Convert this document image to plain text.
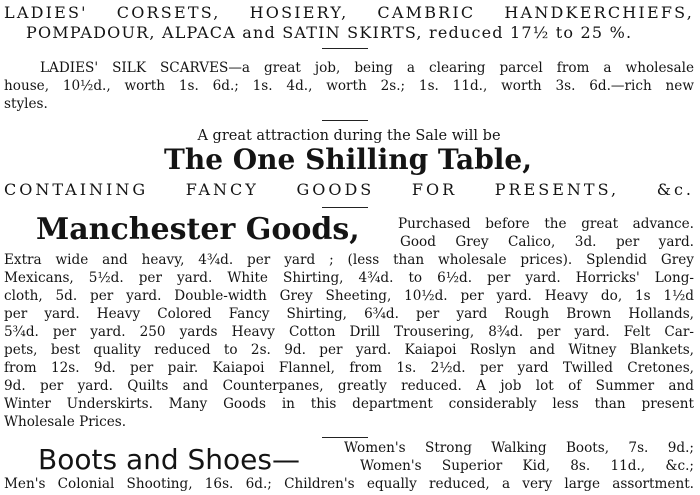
LADIES' CORSETS, HOSIERY, CAMBRIC HANDKERCHIEFS,
POMPADOUR, ALPACA and SATIN SKIRTS, reduced 17½ to 25 %.
LADIES' SILK SCARVES—a great job, being a clearing parcel from a wholesale
house, 10½d., worth 1s. 6d.; 1s. 4d., worth 2s.; 1s. 11d., worth 3s. 6d.—rich new
styles.
A great attraction during the Sale will be
The One Shilling Table,
CONTAINING FANCY GOODS FOR PRESENTS, &c.
Manchester Goods,	Purchased before the great advance.
Good Grey Calico, 3d. per yard.
Extra wide and heavy, 4¾d. per yard ; (less than wholesale prices). Splendid Grey
Mexicans, 5½d. per yard. White Shirting, 4¾d. to 6½d. per yard. Horricks' Long-
cloth, 5d. per yard. Double-width Grey Sheeting, 10½d. per yard. Heavy do, 1s 1½d
per yard. Heavy Colored Fancy Shirting, 6¾d. per yard Rough Brown Hollands,
5¾d. per yard. 250 yards Heavy Cotton Drill Trousering, 8¾d. per yard. Felt Car-
pets, best quality reduced to 2s. 9d. per yard. Kaiapoi Roslyn and Witney Blankets,
from 12s. 9d. per pair. Kaiapoi Flannel, from 1s. 2½d. per yard Twilled Cretones,
9d. per yard. Quilts and Counterpanes, greatly reduced. A job lot of Summer and
Winter Underskirts. Many Goods in this department considerably less than present
Wholesale Prices.
Boots and Shoes—	Women's Strong Walking Boots, 7s. 9d.;
Women's Superior Kid, 8s. 11d., &c.;
Men's Colonial Shooting, 16s. 6d.; Children's equally reduced, a very large assortment.
